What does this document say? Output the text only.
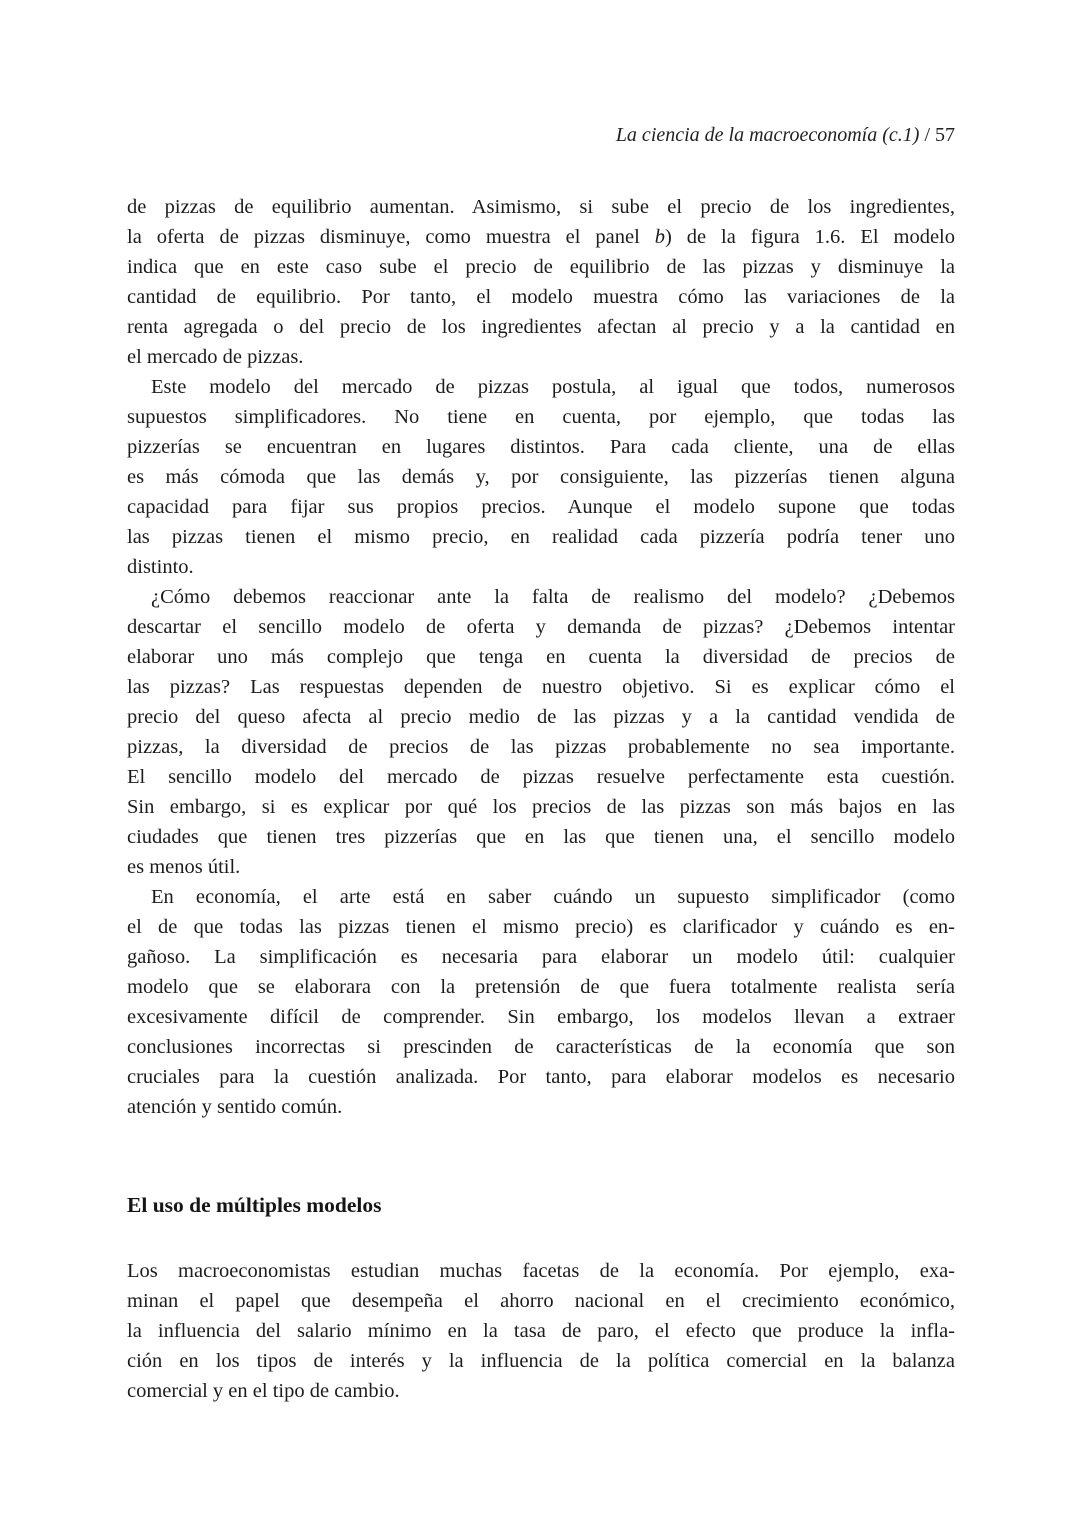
La ciencia de la macroeconomía (c.1) / 57
de pizzas de equilibrio aumentan. Asimismo, si sube el precio de los ingredientes,
la oferta de pizzas disminuye, como muestra el panel b) de la figura 1.6. El modelo
indica que en este caso sube el precio de equilibrio de las pizzas y disminuye la
cantidad de equilibrio. Por tanto, el modelo muestra cómo las variaciones de la
renta agregada o del precio de los ingredientes afectan al precio y a la cantidad en
el mercado de pizzas.
Este modelo del mercado de pizzas postula, al igual que todos, numerosos
supuestos simplificadores. No tiene en cuenta, por ejemplo, que todas las
pizzerías se encuentran en lugares distintos. Para cada cliente, una de ellas
es más cómoda que las demás y, por consiguiente, las pizzerías tienen alguna
capacidad para fijar sus propios precios. Aunque el modelo supone que todas
las pizzas tienen el mismo precio, en realidad cada pizzería podría tener uno
distinto.
¿Cómo debemos reaccionar ante la falta de realismo del modelo? ¿Debemos
descartar el sencillo modelo de oferta y demanda de pizzas? ¿Debemos intentar
elaborar uno más complejo que tenga en cuenta la diversidad de precios de
las pizzas? Las respuestas dependen de nuestro objetivo. Si es explicar cómo el
precio del queso afecta al precio medio de las pizzas y a la cantidad vendida de
pizzas, la diversidad de precios de las pizzas probablemente no sea importante.
El sencillo modelo del mercado de pizzas resuelve perfectamente esta cuestión.
Sin embargo, si es explicar por qué los precios de las pizzas son más bajos en las
ciudades que tienen tres pizzerías que en las que tienen una, el sencillo modelo
es menos útil.
En economía, el arte está en saber cuándo un supuesto simplificador (como
el de que todas las pizzas tienen el mismo precio) es clarificador y cuándo es en-
gañoso. La simplificación es necesaria para elaborar un modelo útil: cualquier
modelo que se elaborara con la pretensión de que fuera totalmente realista sería
excesivamente difícil de comprender. Sin embargo, los modelos llevan a extraer
conclusiones incorrectas si prescinden de características de la economía que son
cruciales para la cuestión analizada. Por tanto, para elaborar modelos es necesario
atención y sentido común.
El uso de múltiples modelos
Los macroeconomistas estudian muchas facetas de la economía. Por ejemplo, exa-
minan el papel que desempeña el ahorro nacional en el crecimiento económico,
la influencia del salario mínimo en la tasa de paro, el efecto que produce la infla-
ción en los tipos de interés y la influencia de la política comercial en la balanza
comercial y en el tipo de cambio.
